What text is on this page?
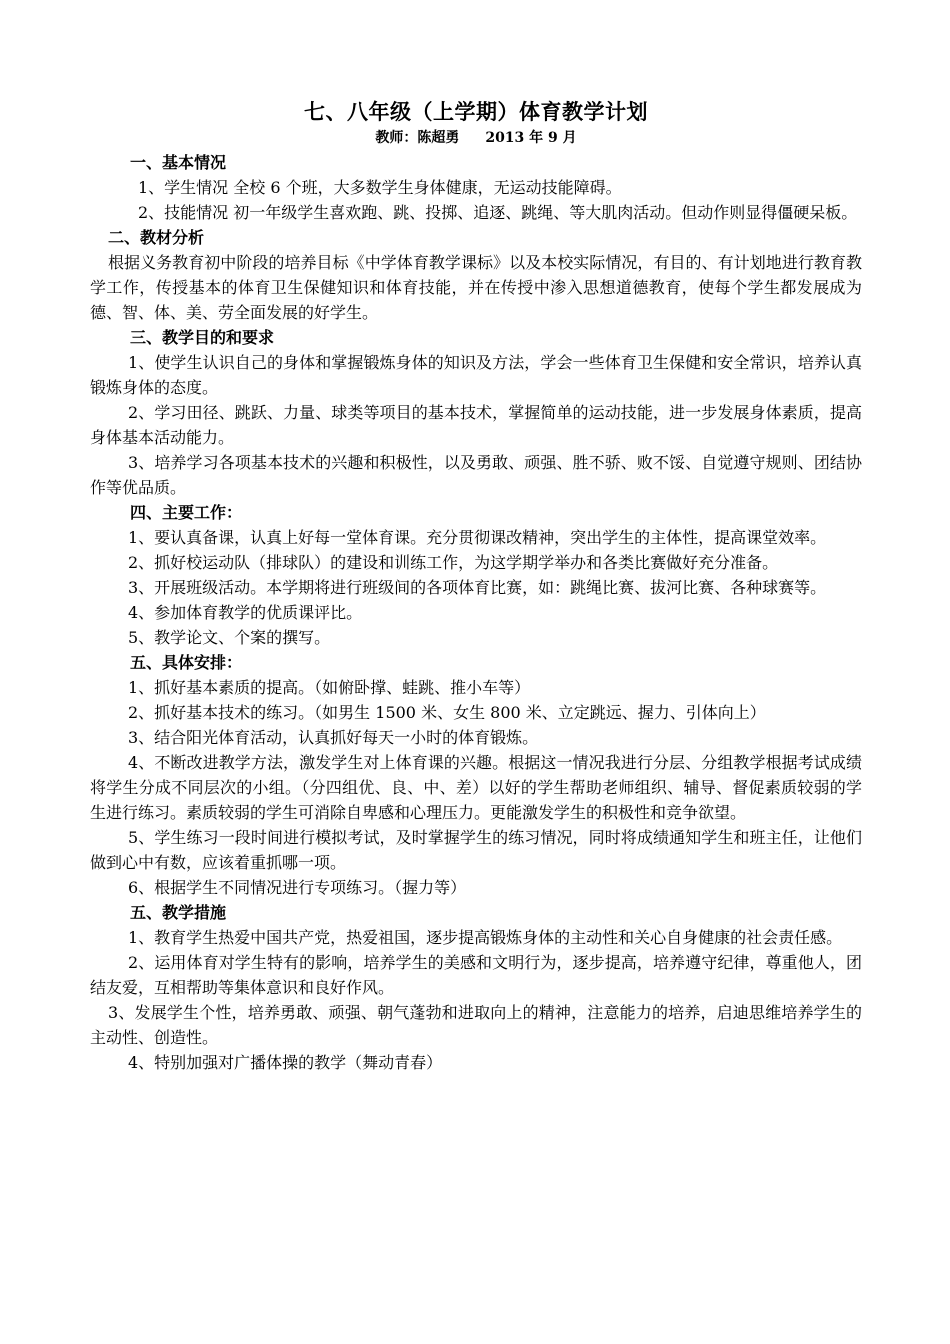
七、八年级（上学期）体育教学计划
教师：陈超勇 2013 年 9 月

一、基本情况

1、学生情况 全校 6 个班，大多数学生身体健康，无运动技能障碍。

2、技能情况 初一年级学生喜欢跑、跳、投掷、追逐、跳绳、等大肌肉活动。但动作则显得僵硬呆板。

二、教材分析

根据义务教育初中阶段的培养目标《中学体育教学课标》以及本校实际情况，有目的、有计划地进行教育教学工作，传授基本的体育卫生保健知识和体育技能，并在传授中渗入思想道德教育，使每个学生都发展成为德、智、体、美、劳全面发展的好学生。

三、教学目的和要求

1、使学生认识自己的身体和掌握锻炼身体的知识及方法，学会一些体育卫生保健和安全常识，培养认真锻炼身体的态度。

2、学习田径、跳跃、力量、球类等项目的基本技术，掌握简单的运动技能，进一步发展身体素质，提高身体基本活动能力。

3、培养学习各项基本技术的兴趣和积极性，以及勇敢、顽强、胜不骄、败不馁、自觉遵守规则、团结协作等优品质。

四、主要工作：

1、要认真备课，认真上好每一堂体育课。充分贯彻课改精神，突出学生的主体性，提高课堂效率。

2、抓好校运动队（排球队）的建设和训练工作，为这学期学举办和各类比赛做好充分准备。

3、开展班级活动。本学期将进行班级间的各项体育比赛，如：跳绳比赛、拔河比赛、各种球赛等。

4、参加体育教学的优质课评比。

5、教学论文、个案的撰写。

五、具体安排：

1、抓好基本素质的提高。（如俯卧撑、蛙跳、推小车等）

2、抓好基本技术的练习。（如男生 1500 米、女生 800 米、立定跳远、握力、引体向上）

3、结合阳光体育活动，认真抓好每天一小时的体育锻炼。

4、不断改进教学方法，激发学生对上体育课的兴趣。根据这一情况我进行分层、分组教学根据考试成绩将学生分成不同层次的小组。（分四组优、良、中、差）以好的学生帮助老师组织、辅导、督促素质较弱的学生进行练习。素质较弱的学生可消除自卑感和心理压力。更能激发学生的积极性和竞争欲望。

5、学生练习一段时间进行模拟考试，及时掌握学生的练习情况，同时将成绩通知学生和班主任，让他们做到心中有数，应该着重抓哪一项。

6、根据学生不同情况进行专项练习。（握力等）

五、教学措施

1、教育学生热爱中国共产党，热爱祖国，逐步提高锻炼身体的主动性和关心自身健康的社会责任感。

2、运用体育对学生特有的影响，培养学生的美感和文明行为，逐步提高，培养遵守纪律，尊重他人，团结友爱，互相帮助等集体意识和良好作风。

3、发展学生个性，培养勇敢、顽强、朝气蓬勃和进取向上的精神，注意能力的培养，启迪思维培养学生的主动性、创造性。

4、特别加强对广播体操的教学（舞动青春）
